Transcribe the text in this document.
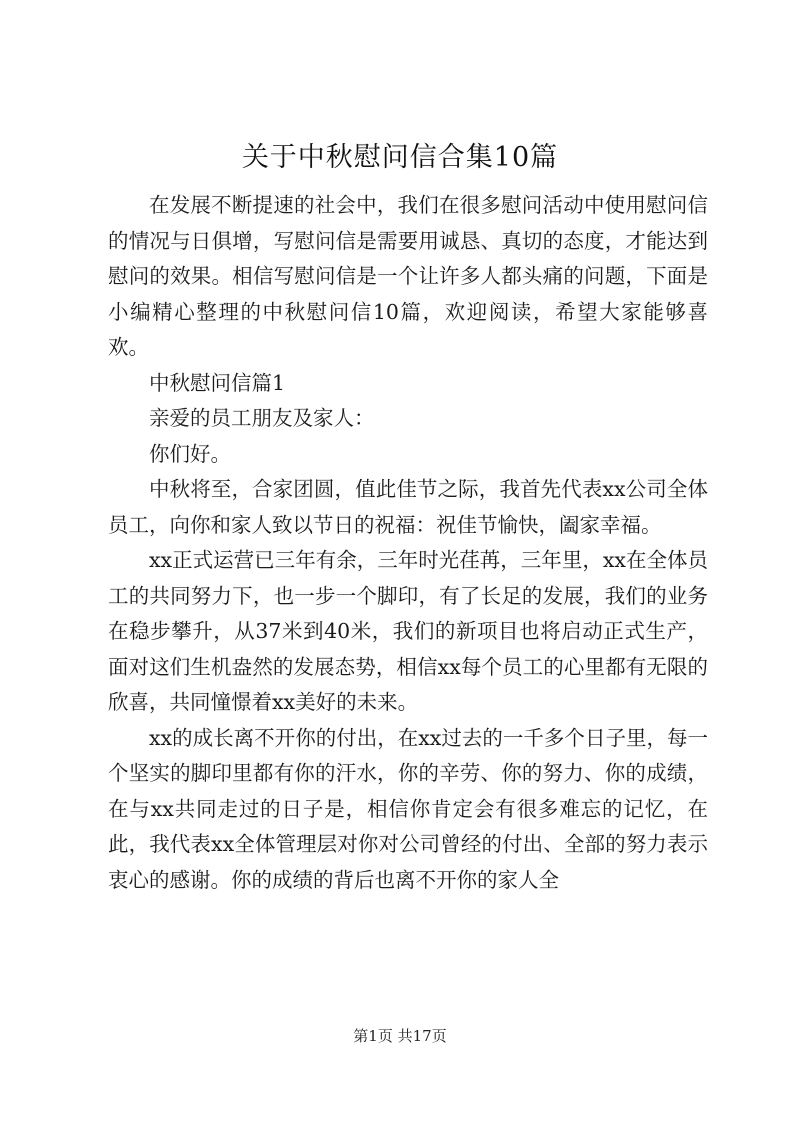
关于中秋慰问信合集10篇

在发展不断提速的社会中，我们在很多慰问活动中使用慰问信的情况与日俱增，写慰问信是需要用诚恳、真切的态度，才能达到慰问的效果。相信写慰问信是一个让许多人都头痛的问题，下面是小编精心整理的中秋慰问信10篇，欢迎阅读，希望大家能够喜欢。

中秋慰问信篇1

亲爱的员工朋友及家人：

你们好。

中秋将至，合家团圆，值此佳节之际，我首先代表xx公司全体员工，向你和家人致以节日的祝福：祝佳节愉快，阖家幸福。

xx正式运营已三年有余，三年时光荏苒，三年里，xx在全体员工的共同努力下，也一步一个脚印，有了长足的发展，我们的业务在稳步攀升，从37米到40米，我们的新项目也将启动正式生产，面对这们生机盎然的发展态势，相信xx每个员工的心里都有无限的欣喜，共同憧憬着xx美好的未来。

xx的成长离不开你的付出，在xx过去的一千多个日子里，每一个坚实的脚印里都有你的汗水，你的辛劳、你的努力、你的成绩，在与xx共同走过的日子是，相信你肯定会有很多难忘的记忆，在此，我代表xx全体管理层对你对公司曾经的付出、全部的努力表示衷心的感谢。你的成绩的背后也离不开你的家人全

第1页 共17页
